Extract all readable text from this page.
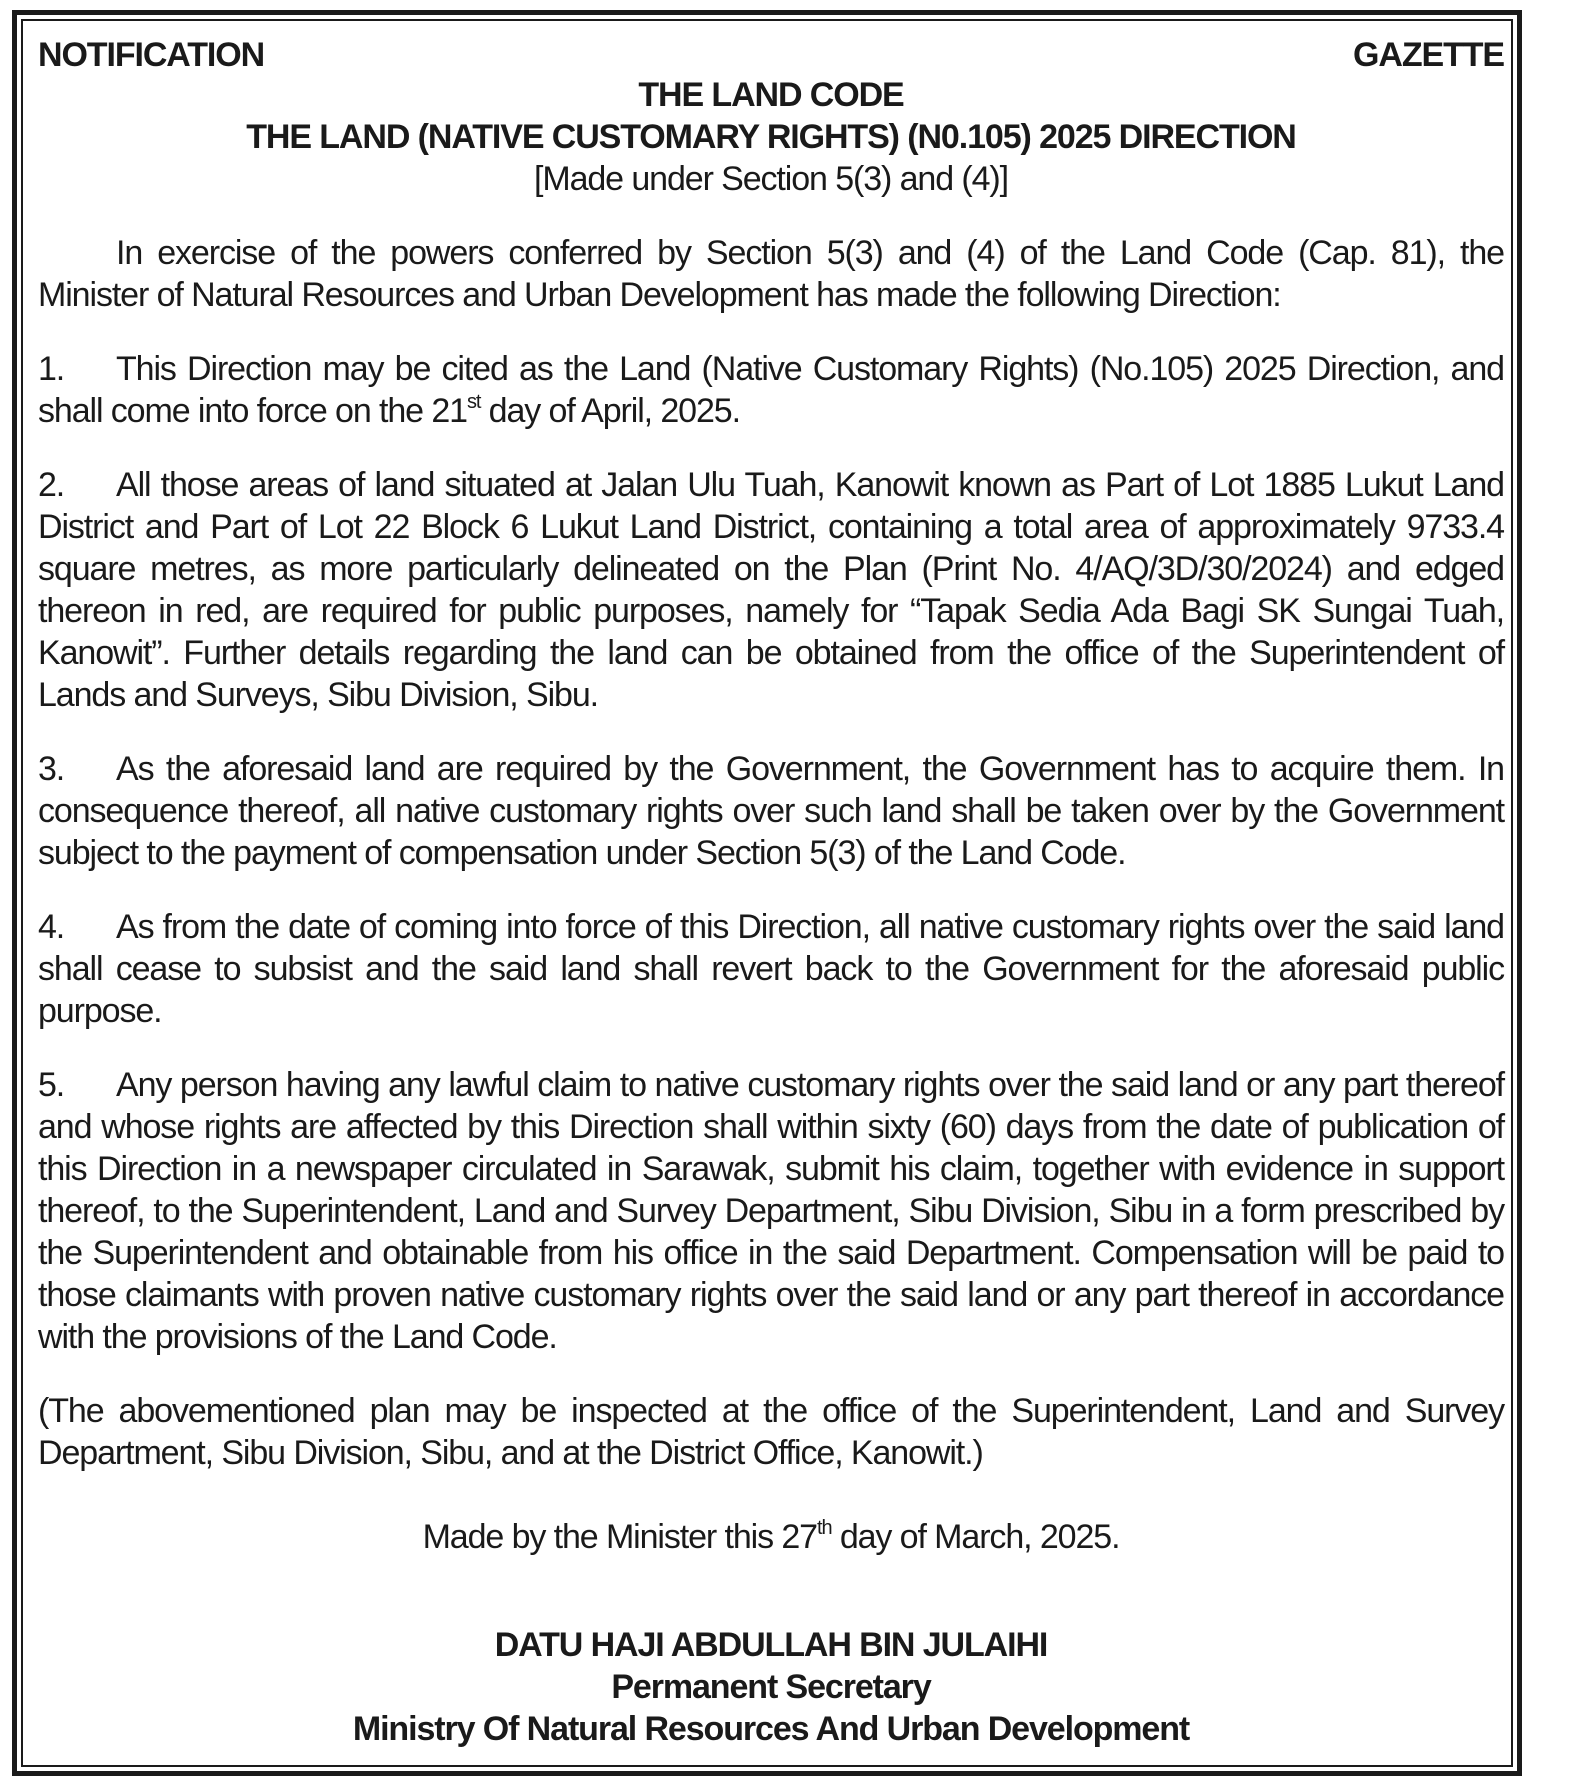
NOTIFICATION	GAZETTE
THE LAND CODE
THE LAND (NATIVE CUSTOMARY RIGHTS) (N0.105) 2025 DIRECTION
[Made under Section 5(3) and (4)]

In exercise of the powers conferred by Section 5(3) and (4) of the Land Code (Cap. 81), the Minister of Natural Resources and Urban Development has made the following Direction:

1. This Direction may be cited as the Land (Native Customary Rights) (No.105) 2025 Direction, and shall come into force on the 21st day of April, 2025.

2. All those areas of land situated at Jalan Ulu Tuah, Kanowit known as Part of Lot 1885 Lukut Land District and Part of Lot 22 Block 6 Lukut Land District, containing a total area of approximately 9733.4 square metres, as more particularly delineated on the Plan (Print No. 4/AQ/3D/30/2024) and edged thereon in red, are required for public purposes, namely for “Tapak Sedia Ada Bagi SK Sungai Tuah, Kanowit”. Further details regarding the land can be obtained from the office of the Superintendent of Lands and Surveys, Sibu Division, Sibu.

3. As the aforesaid land are required by the Government, the Government has to acquire them. In consequence thereof, all native customary rights over such land shall be taken over by the Government subject to the payment of compensation under Section 5(3) of the Land Code.

4. As from the date of coming into force of this Direction, all native customary rights over the said land shall cease to subsist and the said land shall revert back to the Government for the aforesaid public purpose.

5. Any person having any lawful claim to native customary rights over the said land or any part thereof and whose rights are affected by this Direction shall within sixty (60) days from the date of publication of this Direction in a newspaper circulated in Sarawak, submit his claim, together with evidence in support thereof, to the Superintendent, Land and Survey Department, Sibu Division, Sibu in a form prescribed by the Superintendent and obtainable from his office in the said Department. Compensation will be paid to those claimants with proven native customary rights over the said land or any part thereof in accordance with the provisions of the Land Code.

(The abovementioned plan may be inspected at the office of the Superintendent, Land and Survey Department, Sibu Division, Sibu, and at the District Office, Kanowit.)

Made by the Minister this 27th day of March, 2025.
DATU HAJI ABDULLAH BIN JULAIHI
Permanent Secretary
Ministry Of Natural Resources And Urban Development
